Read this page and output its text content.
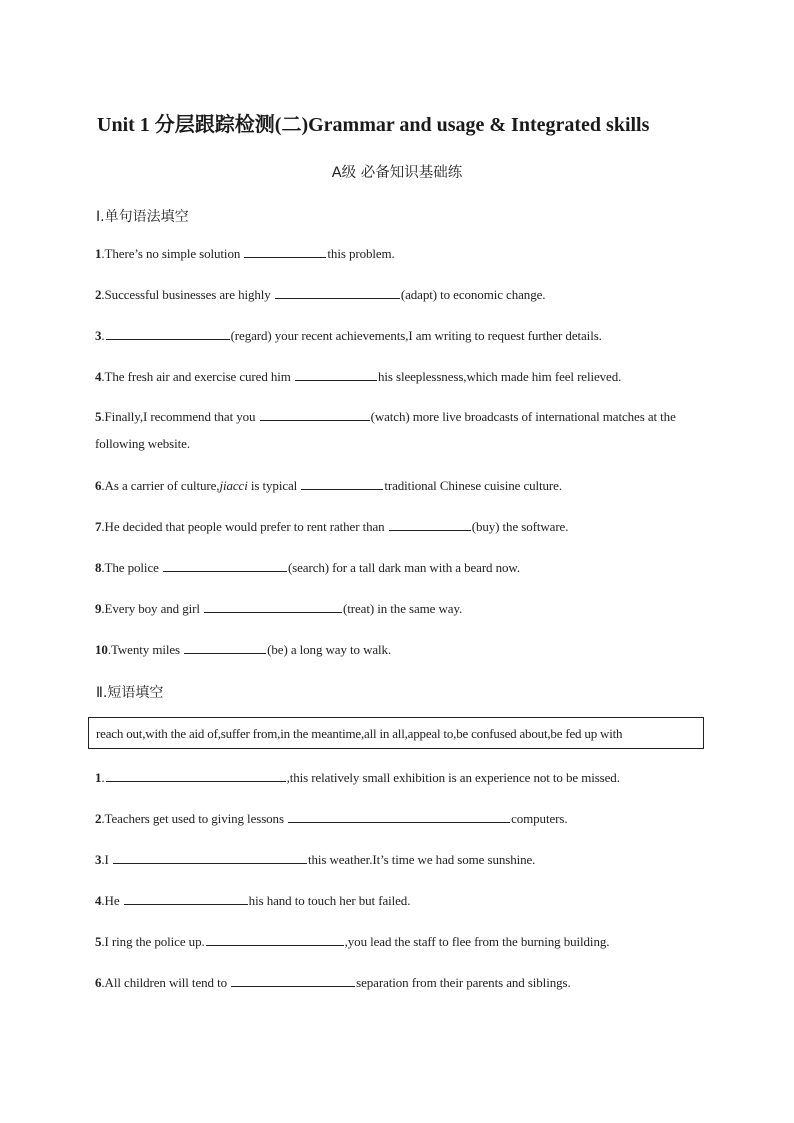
Unit 1 分层跟踪检测(二)Grammar and usage & Integrated skills
A级 必备知识基础练
Ⅰ.单句语法填空
1.There’s no simple solution	this problem.
2.Successful businesses are highly	(adapt) to economic change.
3.	(regard) your recent achievements,I am writing to request further details.
4.The fresh air and exercise cured him	his sleeplessness,which made him feel relieved.
5.Finally,I recommend that you	(watch) more live broadcasts of international matches at the following website.
6.As a carrier of culture,jiacci is typical	traditional Chinese cuisine culture.
7.He decided that people would prefer to rent rather than	(buy) the software.
8.The police	(search) for a tall dark man with a beard now.
9.Every boy and girl	(treat) in the same way.
10.Twenty miles	(be) a long way to walk.
Ⅱ.短语填空
reach out,with the aid of,suffer from,in the meantime,all in all,appeal to,be confused about,be fed up with
1.	,this relatively small exhibition is an experience not to be missed.
2.Teachers get used to giving lessons	computers.
3.I	this weather.It’s time we had some sunshine.
4.He	his hand to touch her but failed.
5.I ring the police up.	,you lead the staff to flee from the burning building.
6.All children will tend to	separation from their parents and siblings.
